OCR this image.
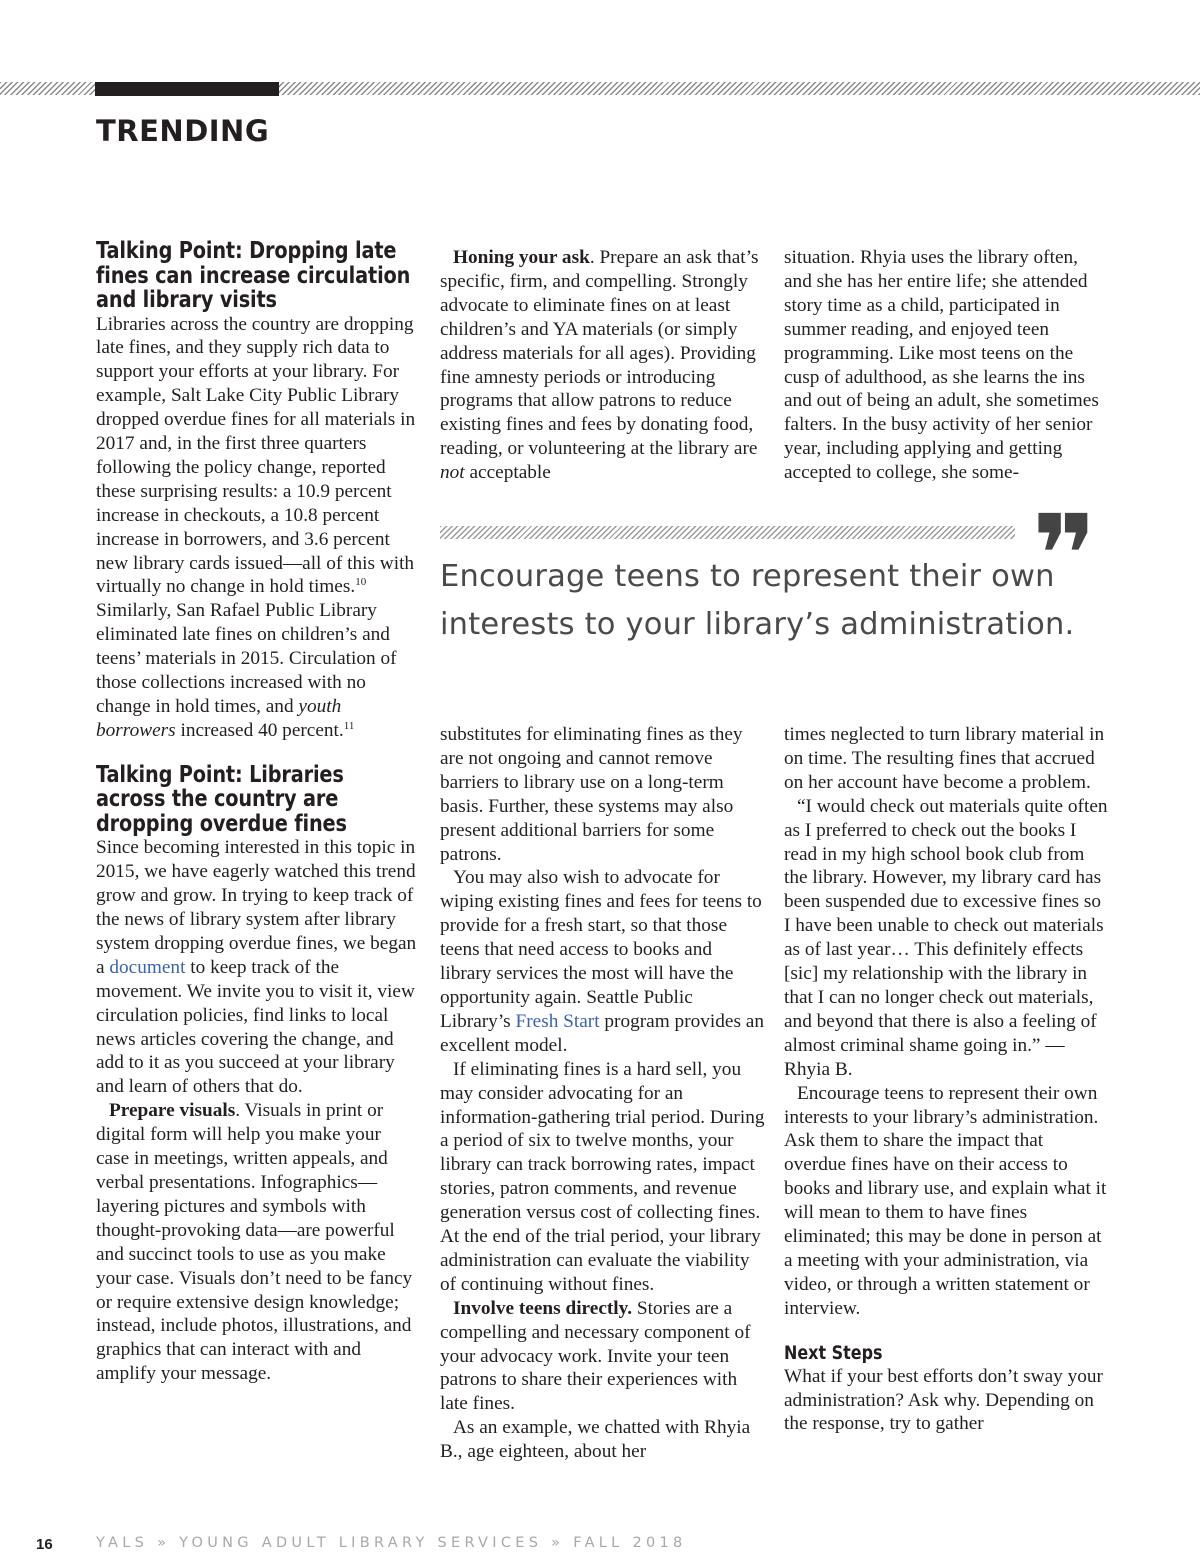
TRENDING
Talking Point: Dropping late fines can increase circulation and library visits

Libraries across the country are dropping late fines, and they supply rich data to support your efforts at your library. For example, Salt Lake City Public Library dropped overdue fines for all materials in 2017 and, in the first three quarters following the policy change, reported these surprising results: a 10.9 percent increase in checkouts, a 10.8 percent increase in borrowers, and 3.6 percent new library cards issued—all of this with virtually no change in hold times.$^{10}$ Similarly, San Rafael Public Library eliminated late fines on children’s and teens’ materials in 2015. Circulation of those collections increased with no change in hold times, and youth borrowers increased 40 percent.$^{11}$

Talking Point: Libraries across the country are dropping overdue fines

Since becoming interested in this topic in 2015, we have eagerly watched this trend grow and grow. In trying to keep track of the news of library system after library system dropping overdue fines, we began a document to keep track of the movement. We invite you to visit it, view circulation policies, find links to local news articles covering the change, and add to it as you succeed at your library and learn of others that do.

Prepare visuals. Visuals in print or digital form will help you make your case in meetings, written appeals, and verbal presentations. Infographics—layering pictures and symbols with thought-provoking data—are powerful and succinct tools to use as you make your case. Visuals don’t need to be fancy or require extensive design knowledge; instead, include photos, illustrations, and graphics that can interact with and amplify your message.

Honing your ask. Prepare an ask that’s specific, firm, and compelling. Strongly advocate to eliminate fines on at least children’s and YA materials (or simply address materials for all ages). Providing fine amnesty periods or introducing programs that allow patrons to reduce existing fines and fees by donating food, reading, or volunteering at the library are not acceptable

situation. Rhyia uses the library often, and she has her entire life; she attended story time as a child, participated in summer reading, and enjoyed teen programming. Like most teens on the cusp of adulthood, as she learns the ins and out of being an adult, she sometimes falters. In the busy activity of her senior year, including applying and getting accepted to college, she some-

❞

Encourage teens to represent their own interests to your library’s administration.

substitutes for eliminating fines as they are not ongoing and cannot remove barriers to library use on a long-term basis. Further, these systems may also present additional barriers for some patrons.

You may also wish to advocate for wiping existing fines and fees for teens to provide for a fresh start, so that those teens that need access to books and library services the most will have the opportunity again. Seattle Public Library’s Fresh Start program provides an excellent model.

If eliminating fines is a hard sell, you may consider advocating for an information-gathering trial period. During a period of six to twelve months, your library can track borrowing rates, impact stories, patron comments, and revenue generation versus cost of collecting fines. At the end of the trial period, your library administration can evaluate the viability of continuing without fines.

Involve teens directly. Stories are a compelling and necessary component of your advocacy work. Invite your teen patrons to share their experiences with late fines.

As an example, we chatted with Rhyia B., age eighteen, about her

times neglected to turn library material in on time. The resulting fines that accrued on her account have become a problem.

“I would check out materials quite often as I preferred to check out the books I read in my high school book club from the library. However, my library card has been suspended due to excessive fines so I have been unable to check out materials as of last year… This definitely effects [sic] my relationship with the library in that I can no longer check out materials, and beyond that there is also a feeling of almost criminal shame going in.” —Rhyia B.

Encourage teens to represent their own interests to your library’s administration. Ask them to share the impact that overdue fines have on their access to books and library use, and explain what it will mean to them to have fines eliminated; this may be done in person at a meeting with your administration, via video, or through a written statement or interview.

Next Steps

What if your best efforts don’t sway your administration? Ask why. Depending on the response, try to gather

16	YALS » YOUNG ADULT LIBRARY SERVICES » FALL 2018
